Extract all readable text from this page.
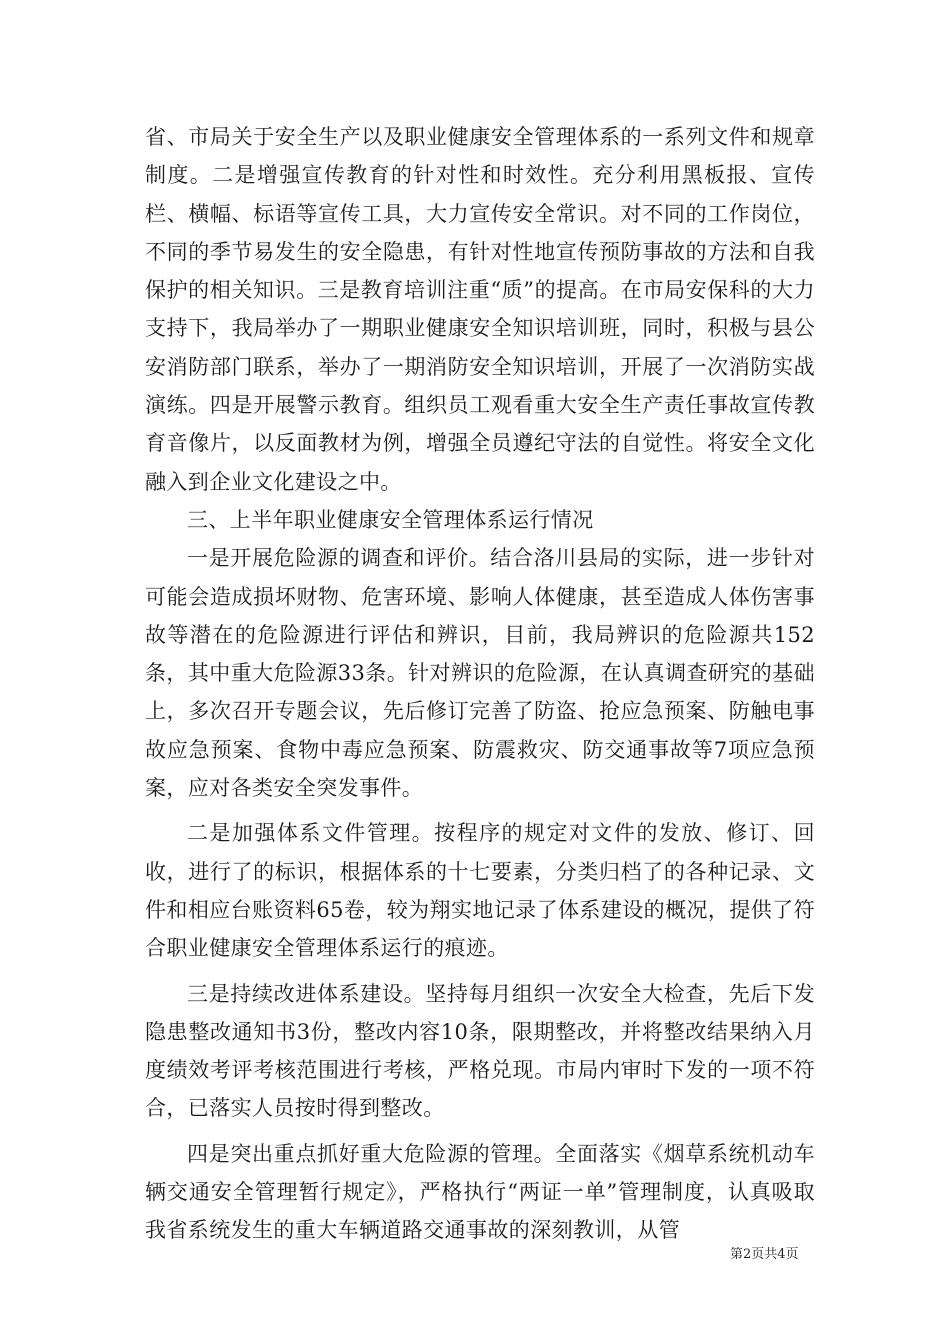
省、市局关于安全生产以及职业健康安全管理体系的一系列文件和规章制度。二是增强宣传教育的针对性和时效性。充分利用黑板报、宣传栏、横幅、标语等宣传工具，大力宣传安全常识。对不同的工作岗位，不同的季节易发生的安全隐患，有针对性地宣传预防事故的方法和自我保护的相关知识。三是教育培训注重“质”的提高。在市局安保科的大力支持下，我局举办了一期职业健康安全知识培训班，同时，积极与县公安消防部门联系，举办了一期消防安全知识培训，开展了一次消防实战演练。四是开展警示教育。组织员工观看重大安全生产责任事故宣传教育音像片，以反面教材为例，增强全员遵纪守法的自觉性。将安全文化融入到企业文化建设之中。

三、上半年职业健康安全管理体系运行情况

一是开展危险源的调查和评价。结合洛川县局的实际，进一步针对可能会造成损坏财物、危害环境、影响人体健康，甚至造成人体伤害事故等潜在的危险源进行评估和辨识，目前，我局辨识的危险源共152条，其中重大危险源33条。针对辨识的危险源，在认真调查研究的基础上，多次召开专题会议，先后修订完善了防盗、抢应急预案、防触电事故应急预案、食物中毒应急预案、防震救灾、防交通事故等7项应急预案，应对各类安全突发事件。

二是加强体系文件管理。按程序的规定对文件的发放、修订、回收，进行了的标识，根据体系的十七要素，分类归档了的各种记录、文件和相应台账资料65卷，较为翔实地记录了体系建设的概况，提供了符合职业健康安全管理体系运行的痕迹。

三是持续改进体系建设。坚持每月组织一次安全大检查，先后下发隐患整改通知书3份，整改内容10条，限期整改，并将整改结果纳入月度绩效考评考核范围进行考核，严格兑现。市局内审时下发的一项不符合，已落实人员按时得到整改。

四是突出重点抓好重大危险源的管理。全面落实《烟草系统机动车辆交通安全管理暂行规定》，严格执行“两证一单”管理制度，认真吸取我省系统发生的重大车辆道路交通事故的深刻教训，从管

第2页共4页
